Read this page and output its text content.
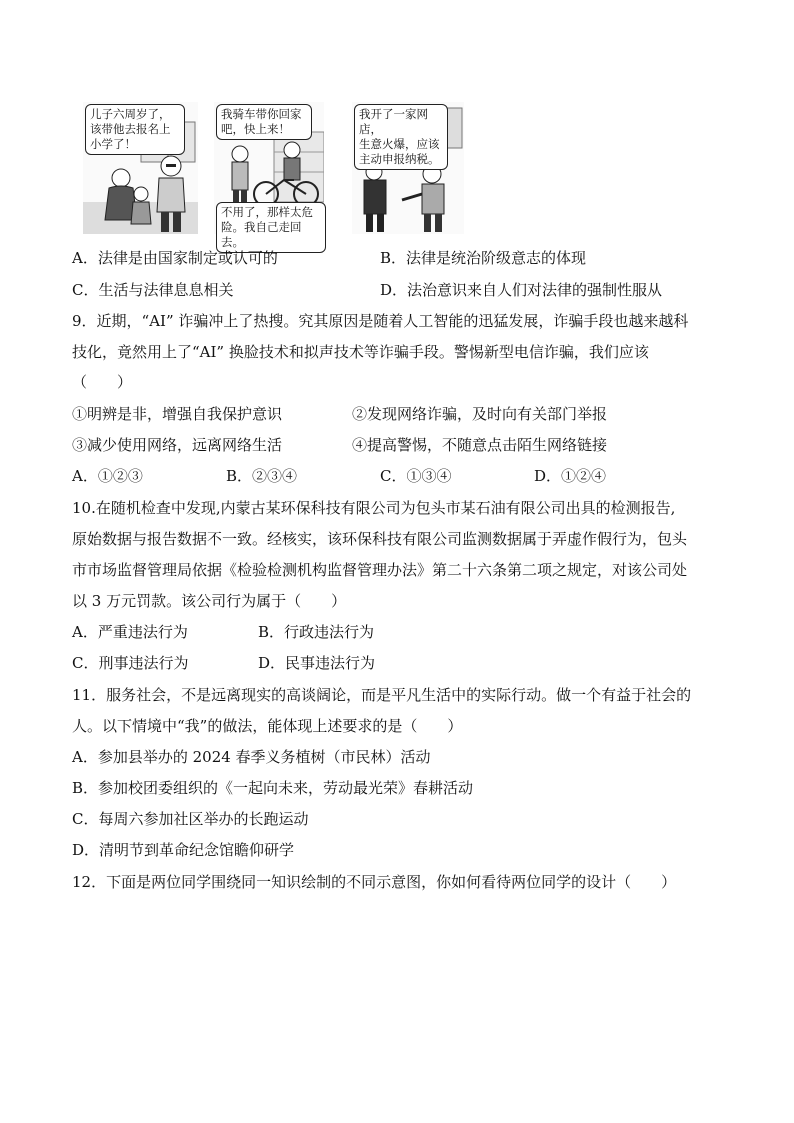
儿子六周岁了，
该带他去报名上
小学了！
我骑车带你回家
吧，快上来！
不用了，那样太危
险。我自己走回去。
我开了一家网店，
生意火爆，应该
主动申报纳税。
A．法律是由国家制定或认可的	B．法律是统治阶级意志的体现
C．生活与法律息息相关	D．法治意识来自人们对法律的强制性服从
9．近期，“AI” 诈骗冲上了热搜。究其原因是随着人工智能的迅猛发展，诈骗手段也越来越科
技化，竟然用上了“AI” 换脸技术和拟声技术等诈骗手段。警惕新型电信诈骗，我们应该
（　　）
①明辨是非，增强自我保护意识	②发现网络诈骗，及时向有关部门举报
③减少使用网络，远离网络生活	④提高警惕，不随意点击陌生网络链接
A．①②③	B．②③④	C．①③④	D．①②④
10.在随机检查中发现,内蒙古某环保科技有限公司为包头市某石油有限公司出具的检测报告,
原始数据与报告数据不一致。经核实，该环保科技有限公司监测数据属于弄虚作假行为，包头
市市场监督管理局依据《检验检测机构监督管理办法》第二十六条第二项之规定，对该公司处
以 3 万元罚款。该公司行为属于（　　）
A．严重违法行为	B．行政违法行为
C．刑事违法行为	D．民事违法行为
11．服务社会，不是远离现实的高谈阔论，而是平凡生活中的实际行动。做一个有益于社会的
人。以下情境中“我”的做法，能体现上述要求的是（　　）
A．参加县举办的 2024 春季义务植树（市民林）活动
B．参加校团委组织的《一起向未来，劳动最光荣》春耕活动
C．每周六参加社区举办的长跑运动
D．清明节到革命纪念馆瞻仰研学
12．下面是两位同学围绕同一知识绘制的不同示意图，你如何看待两位同学的设计（　　）
